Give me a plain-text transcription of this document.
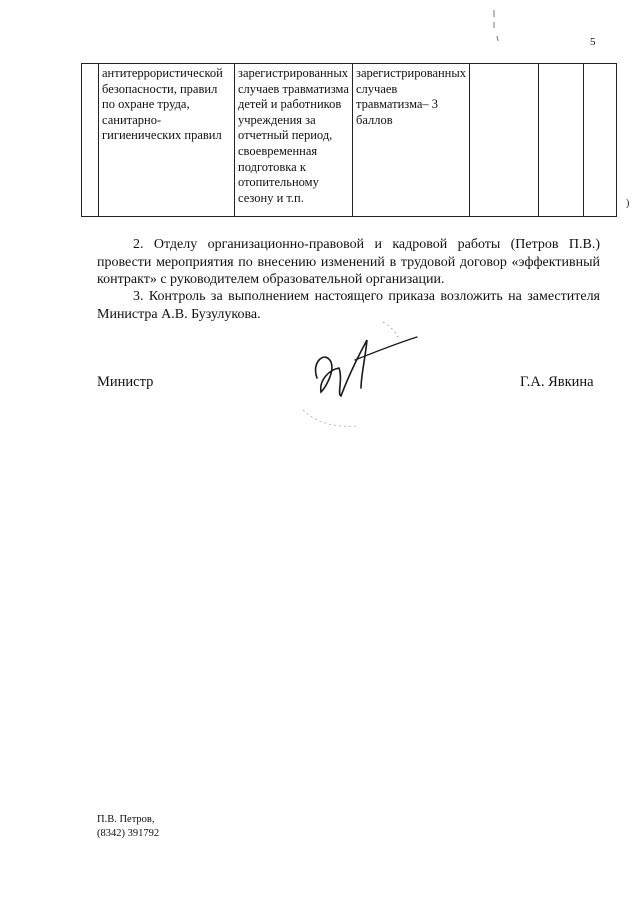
5
	антитеррористической безопасности, правил по охране труда, санитарно-гигиенических правил	зарегистрированных случаев травматизма детей и работников учреждения за отчетный период, своевременная подготовка к отопительному сезону и т.п.	зарегистрированных случаев травматизма– 3 баллов			
)

2. Отделу организационно-правовой и кадровой работы (Петров П.В.) провести мероприятия по внесению изменений в трудовой договор «эффективный контракт» с руководителем образовательной организации.

3. Контроль за выполнением настоящего приказа возложить на заместителя Министра А.В. Бузулукова.

Министр	Г.А. Явкина
П.В. Петров,
(8342) 391792
